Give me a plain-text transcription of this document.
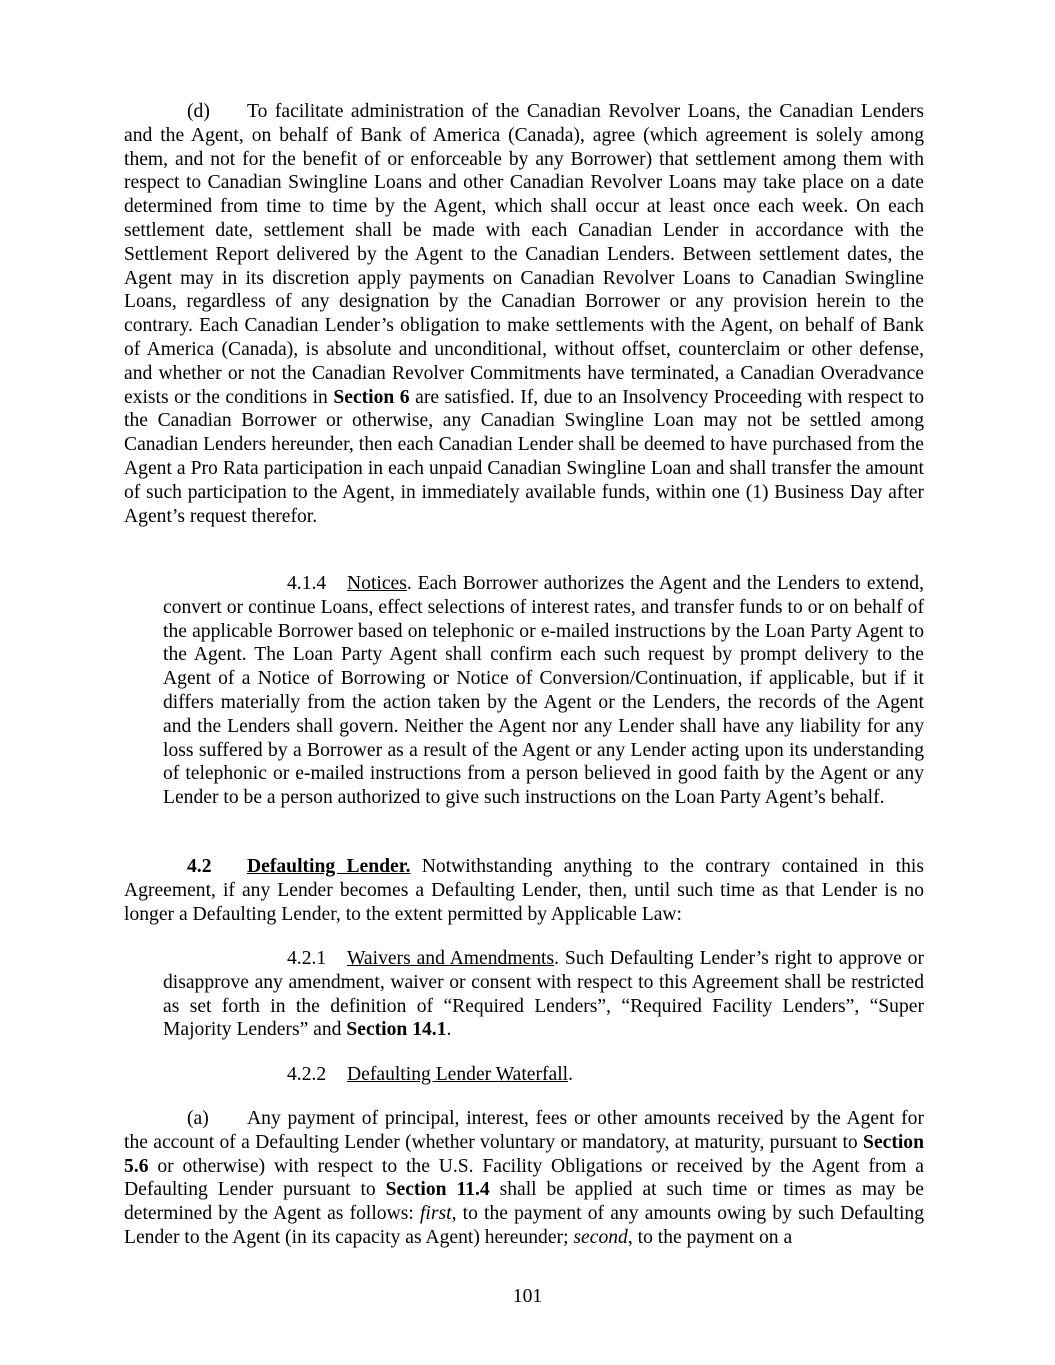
(d) To facilitate administration of the Canadian Revolver Loans, the Canadian Lenders and the Agent, on behalf of Bank of America (Canada), agree (which agreement is solely among them, and not for the benefit of or enforceable by any Borrower) that settlement among them with respect to Canadian Swingline Loans and other Canadian Revolver Loans may take place on a date determined from time to time by the Agent, which shall occur at least once each week. On each settlement date, settlement shall be made with each Canadian Lender in accordance with the Settlement Report delivered by the Agent to the Canadian Lenders. Between settlement dates, the Agent may in its discretion apply payments on Canadian Revolver Loans to Canadian Swingline Loans, regardless of any designation by the Canadian Borrower or any provision herein to the contrary. Each Canadian Lender’s obligation to make settlements with the Agent, on behalf of Bank of America (Canada), is absolute and unconditional, without offset, counterclaim or other defense, and whether or not the Canadian Revolver Commitments have terminated, a Canadian Overadvance exists or the conditions in Section 6 are satisfied. If, due to an Insolvency Proceeding with respect to the Canadian Borrower or otherwise, any Canadian Swingline Loan may not be settled among Canadian Lenders hereunder, then each Canadian Lender shall be deemed to have purchased from the Agent a Pro Rata participation in each unpaid Canadian Swingline Loan and shall transfer the amount of such participation to the Agent, in immediately available funds, within one (1) Business Day after Agent’s request therefor.

4.1.4 Notices. Each Borrower authorizes the Agent and the Lenders to extend, convert or continue Loans, effect selections of interest rates, and transfer funds to or on behalf of the applicable Borrower based on telephonic or e-mailed instructions by the Loan Party Agent to the Agent. The Loan Party Agent shall confirm each such request by prompt delivery to the Agent of a Notice of Borrowing or Notice of Conversion/Continuation, if applicable, but if it differs materially from the action taken by the Agent or the Lenders, the records of the Agent and the Lenders shall govern. Neither the Agent nor any Lender shall have any liability for any loss suffered by a Borrower as a result of the Agent or any Lender acting upon its understanding of telephonic or e-mailed instructions from a person believed in good faith by the Agent or any Lender to be a person authorized to give such instructions on the Loan Party Agent’s behalf.

4.2 Defaulting Lender. Notwithstanding anything to the contrary contained in this Agreement, if any Lender becomes a Defaulting Lender, then, until such time as that Lender is no longer a Defaulting Lender, to the extent permitted by Applicable Law:

4.2.1 Waivers and Amendments. Such Defaulting Lender’s right to approve or disapprove any amendment, waiver or consent with respect to this Agreement shall be restricted as set forth in the definition of “Required Lenders”, “Required Facility Lenders”, “Super Majority Lenders” and Section 14.1.

4.2.2 Defaulting Lender Waterfall.

(a) Any payment of principal, interest, fees or other amounts received by the Agent for the account of a Defaulting Lender (whether voluntary or mandatory, at maturity, pursuant to Section 5.6 or otherwise) with respect to the U.S. Facility Obligations or received by the Agent from a Defaulting Lender pursuant to Section 11.4 shall be applied at such time or times as may be determined by the Agent as follows: first, to the payment of any amounts owing by such Defaulting Lender to the Agent (in its capacity as Agent) hereunder; second, to the payment on a

101
